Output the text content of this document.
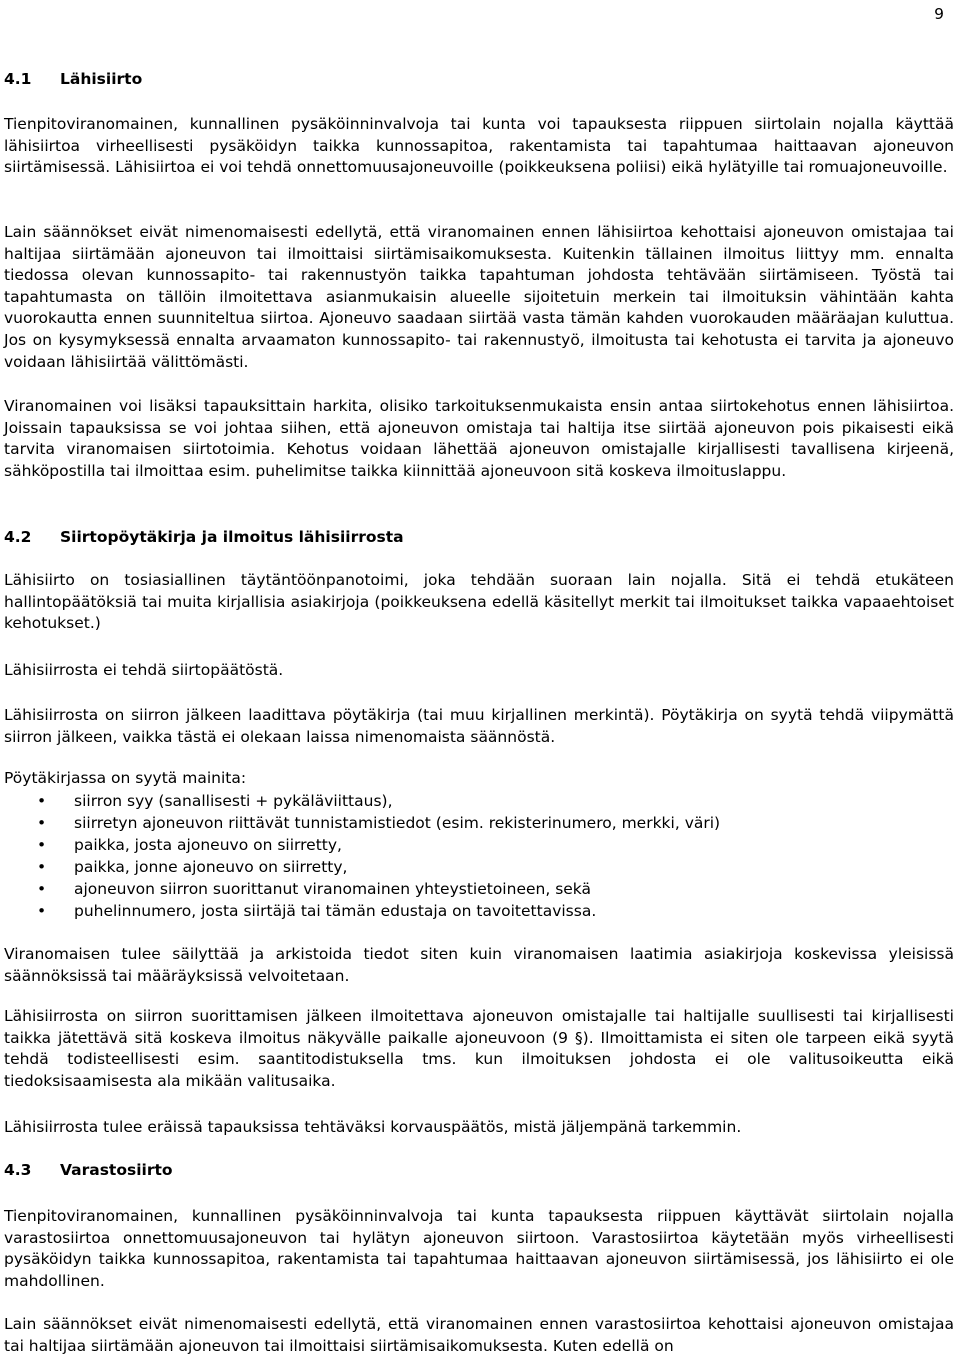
9
4.1 Lähisiirto

Tienpitoviranomainen, kunnallinen pysäköinninvalvoja tai kunta voi tapauksesta riippuen siirtolain nojalla käyttää lähisiirtoa virheellisesti pysäköidyn taikka kunnossapitoa, rakentamista tai tapahtumaa haittaavan ajoneuvon siirtämisessä. Lähisiirtoa ei voi tehdä onnettomuusajoneuvoille (poikkeuksena poliisi) eikä hylätyille tai romuajoneuvoille.

Lain säännökset eivät nimenomaisesti edellytä, että viranomainen ennen lähisiirtoa kehottaisi ajoneuvon omistajaa tai haltijaa siirtämään ajoneuvon tai ilmoittaisi siirtämisaikomuksesta. Kuitenkin tällainen ilmoitus liittyy mm. ennalta tiedossa olevan kunnossapito- tai rakennustyön taikka tapahtuman johdosta tehtävään siirtämiseen. Työstä tai tapahtumasta on tällöin ilmoitettava asianmukaisin alueelle sijoitetuin merkein tai ilmoituksin vähintään kahta vuorokautta ennen suunniteltua siirtoa. Ajoneuvo saadaan siirtää vasta tämän kahden vuorokauden määräajan kuluttua. Jos on kysymyksessä ennalta arvaamaton kunnossapito- tai rakennustyö, ilmoitusta tai kehotusta ei tarvita ja ajoneuvo voidaan lähisiirtää välittömästi.

Viranomainen voi lisäksi tapauksittain harkita, olisiko tarkoituksenmukaista ensin antaa siirtokehotus ennen lähisiirtoa. Joissain tapauksissa se voi johtaa siihen, että ajoneuvon omistaja tai haltija itse siirtää ajoneuvon pois pikaisesti eikä tarvita viranomaisen siirtotoimia. Kehotus voidaan lähettää ajoneuvon omistajalle kirjallisesti tavallisena kirjeenä, sähköpostilla tai ilmoittaa esim. puhelimitse taikka kiinnittää ajoneuvoon sitä koskeva ilmoituslappu.

4.2 Siirtopöytäkirja ja ilmoitus lähisiirrosta

Lähisiirto on tosiasiallinen täytäntöönpanotoimi, joka tehdään suoraan lain nojalla. Sitä ei tehdä etukäteen hallintopäätöksiä tai muita kirjallisia asiakirjoja (poikkeuksena edellä käsitellyt merkit tai ilmoitukset taikka vapaaehtoiset kehotukset.)

Lähisiirrosta ei tehdä siirtopäätöstä.

Lähisiirrosta on siirron jälkeen laadittava pöytäkirja (tai muu kirjallinen merkintä). Pöytäkirja on syytä tehdä viipymättä siirron jälkeen, vaikka tästä ei olekaan laissa nimenomaista säännöstä.

Pöytäkirjassa on syytä mainita:

• siirron syy (sanallisesti + pykäläviittaus),
• siirretyn ajoneuvon riittävät tunnistamistiedot (esim. rekisterinumero, merkki, väri)
• paikka, josta ajoneuvo on siirretty,
• paikka, jonne ajoneuvo on siirretty,
• ajoneuvon siirron suorittanut viranomainen yhteystietoineen, sekä
• puhelinnumero, josta siirtäjä tai tämän edustaja on tavoitettavissa.

Viranomaisen tulee säilyttää ja arkistoida tiedot siten kuin viranomaisen laatimia asiakirjoja koskevissa yleisissä säännöksissä tai määräyksissä velvoitetaan.

Lähisiirrosta on siirron suorittamisen jälkeen ilmoitettava ajoneuvon omistajalle tai haltijalle suullisesti tai kirjallisesti taikka jätettävä sitä koskeva ilmoitus näkyvälle paikalle ajoneuvoon (9 §). Ilmoittamista ei siten ole tarpeen eikä syytä tehdä todisteellisesti esim. saantitodistuksella tms. kun ilmoituksen johdosta ei ole valitusoikeutta eikä tiedoksisaamisesta ala mikään valitusaika.

Lähisiirrosta tulee eräissä tapauksissa tehtäväksi korvauspäätös, mistä jäljempänä tarkemmin.

4.3 Varastosiirto

Tienpitoviranomainen, kunnallinen pysäköinninvalvoja tai kunta tapauksesta riippuen käyttävät siirtolain nojalla varastosiirtoa onnettomuusajoneuvon tai hylätyn ajoneuvon siirtoon. Varastosiirtoa käytetään myös virheellisesti pysäköidyn taikka kunnossapitoa, rakentamista tai tapahtumaa haittaavan ajoneuvon siirtämisessä, jos lähisiirto ei ole mahdollinen.

Lain säännökset eivät nimenomaisesti edellytä, että viranomainen ennen varastosiirtoa kehottaisi ajoneuvon omistajaa tai haltijaa siirtämään ajoneuvon tai ilmoittaisi siirtämisaikomuksesta. Kuten edellä on
